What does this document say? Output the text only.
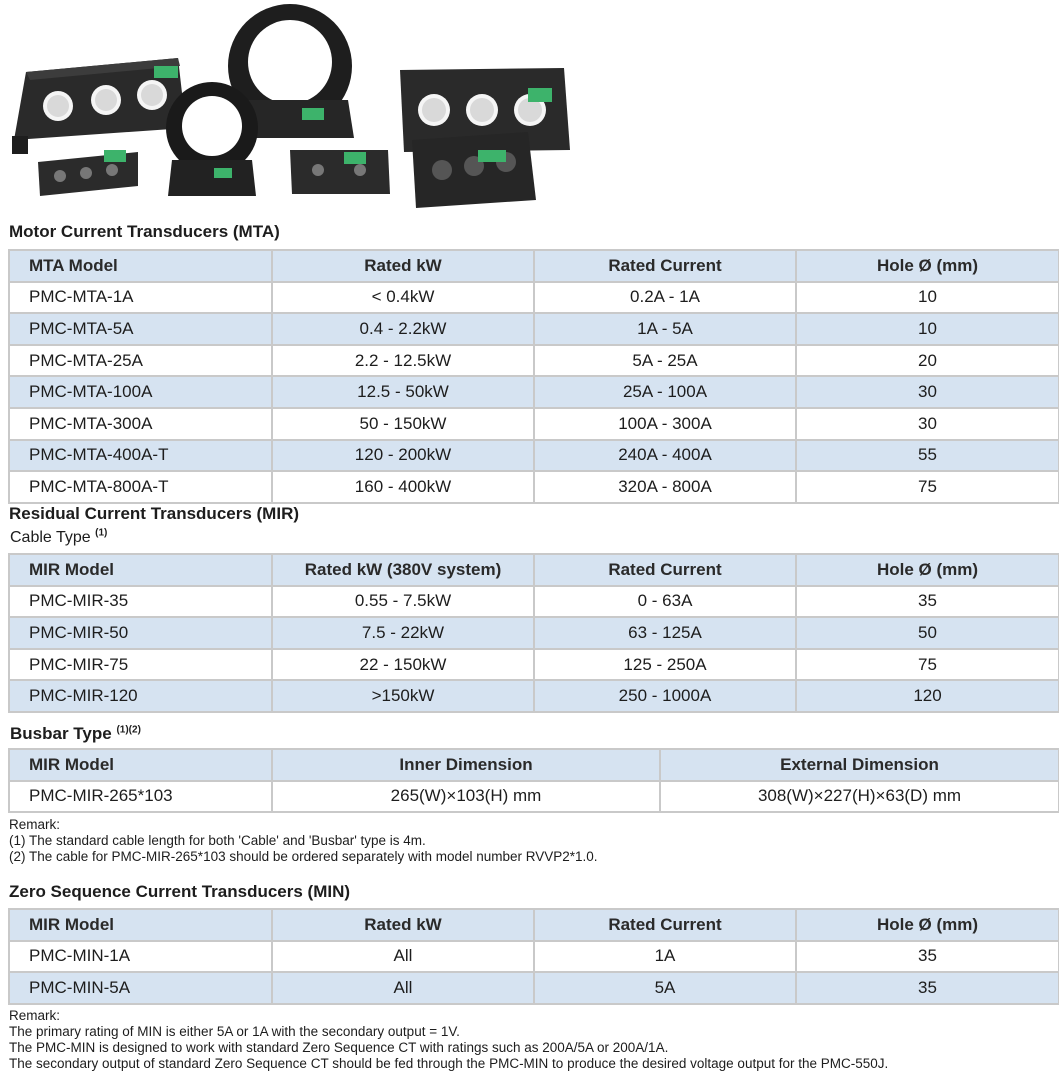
Motor Current Transducers (MTA)
MTA Model	Rated kW	Rated Current	Hole Ø (mm)
PMC-MTA-1A	< 0.4kW	0.2A - 1A	10
PMC-MTA-5A	0.4 - 2.2kW	1A - 5A	10
PMC-MTA-25A	2.2 - 12.5kW	5A - 25A	20
PMC-MTA-100A	12.5 - 50kW	25A - 100A	30
PMC-MTA-300A	50 - 150kW	100A - 300A	30
PMC-MTA-400A-T	120 - 200kW	240A - 400A	55
PMC-MTA-800A-T	160 - 400kW	320A - 800A	75
Residual Current Transducers (MIR)
Cable Type $^{(1)}$
MIR Model	Rated kW (380V system)	Rated Current	Hole Ø (mm)
PMC-MIR-35	0.55 - 7.5kW	0 - 63A	35
PMC-MIR-50	7.5 - 22kW	63 - 125A	50
PMC-MIR-75	22 - 150kW	125 - 250A	75
PMC-MIR-120	>150kW	250 - 1000A	120
Busbar Type $^{(1)(2)}$
MIR Model	Inner Dimension	External Dimension
PMC-MIR-265*103	265(W)×103(H) mm	308(W)×227(H)×63(D) mm
Remark:
(1) The standard cable length for both 'Cable' and 'Busbar' type is 4m.
(2) The cable for PMC-MIR-265*103 should be ordered separately with model number RVVP2*1.0.
Zero Sequence Current Transducers (MIN)
MIR Model	Rated kW	Rated Current	Hole Ø (mm)
PMC-MIN-1A	All	1A	35
PMC-MIN-5A	All	5A	35
Remark:
The primary rating of MIN is either 5A or 1A with the secondary output = 1V.
The PMC-MIN is designed to work with standard Zero Sequence CT with ratings such as 200A/5A or 200A/1A.
The secondary output of standard Zero Sequence CT should be fed through the PMC-MIN to produce the desired voltage output for the PMC-550J.
